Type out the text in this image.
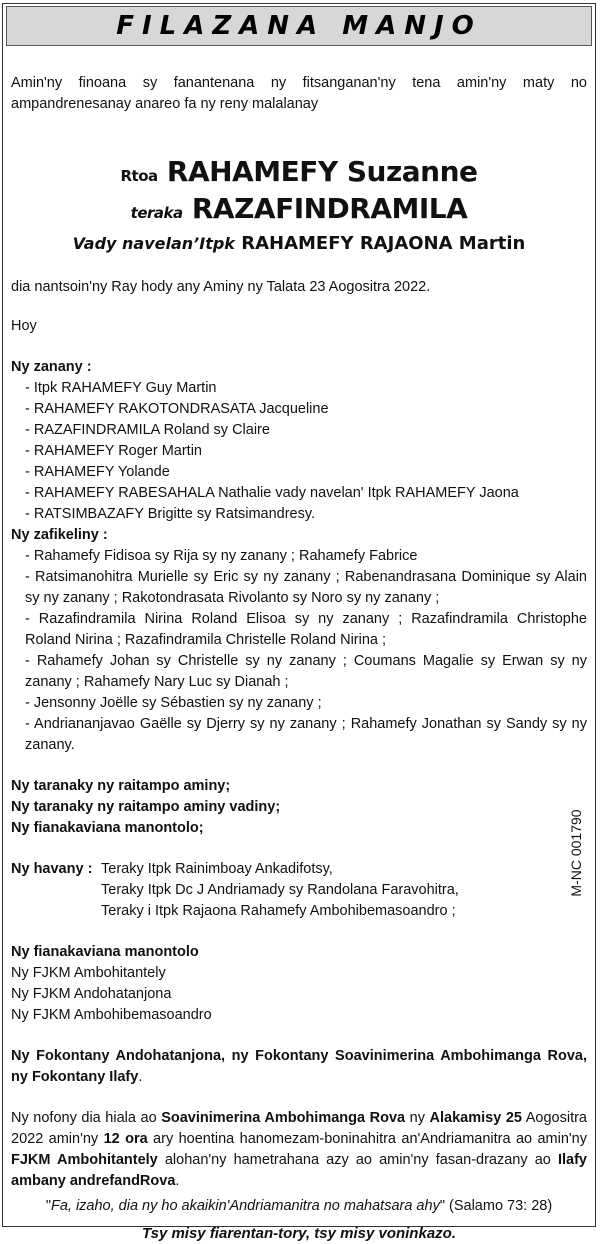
FILAZANA MANJO

Amin'ny finoana sy fanantenana ny fitsanganan'ny tena amin'ny maty no ampandrenesanay anareo fa ny reny malalanay

Rtoa RAHAMEFY Suzanne
teraka RAZAFINDRAMILA
Vady navelan’Itpk RAHAMEFY RAJAONA Martin

dia nantsoin'ny Ray hody any Aminy ny Talata 23 Aogositra 2022.

Hoy

Ny zanany :

- Itpk RAHAMEFY Guy Martin
- RAHAMEFY RAKOTONDRASATA Jacqueline
- RAZAFINDRAMILA Roland sy Claire
- RAHAMEFY Roger Martin
- RAHAMEFY Yolande
- RAHAMEFY RABESAHALA Nathalie vady navelan' Itpk RAHAMEFY Jaona
- RATSIMBAZAFY Brigitte sy Ratsimandresy.

Ny zafikeliny :

- Rahamefy Fidisoa sy Rija sy ny zanany ; Rahamefy Fabrice
- Ratsimanohitra Murielle sy Eric sy ny zanany ; Rabenandrasana Dominique sy Alain sy ny zanany ; Rakotondrasata Rivolanto sy Noro sy ny zanany ;
- Razafindramila Nirina Roland Elisoa sy ny zanany ; Razafindramila Christophe Roland Nirina ; Razafindramila Christelle Roland Nirina ;
- Rahamefy Johan sy Christelle sy ny zanany ; Coumans Magalie sy Erwan sy ny zanany ; Rahamefy Nary Luc sy Dianah ;
- Jensonny Joëlle sy Sébastien sy ny zanany ;
- Andriananjavao Gaëlle sy Djerry sy ny zanany ; Rahamefy Jonathan sy Sandy sy ny zanany.

Ny taranaky ny raitampo aminy;

Ny taranaky ny raitampo aminy vadiny;

Ny fianakaviana manontolo;

Ny havany : Teraky Itpk Rainimboay Ankadifotsy,

Teraky Itpk Dc J Andriamady sy Randolana Faravohitra,

Teraky i Itpk Rajaona Rahamefy Ambohibemasoandro ;

Ny fianakaviana manontolo

Ny FJKM Ambohitantely

Ny FJKM Andohatanjona

Ny FJKM Ambohibemasoandro

Ny Fokontany Andohatanjona, ny Fokontany Soavinimerina Ambohimanga Rova, ny Fokontany Ilafy.

Ny nofony dia hiala ao Soavinimerina Ambohimanga Rova ny Alakamisy 25 Aogositra 2022 amin'ny 12 ora ary hoentina hanomezam-boninahitra an'Andriamanitra ao amin'ny FJKM Ambohitantely alohan'ny hametrahana azy ao amin'ny fasan-drazany ao Ilafy ambany andrefandRova.

"Fa, izaho, dia ny ho akaikin'Andriamanitra no mahatsara ahy" (Salamo 73: 28)

Tsy misy fiarentan-tory, tsy misy voninkazo.

M-NC 001790
